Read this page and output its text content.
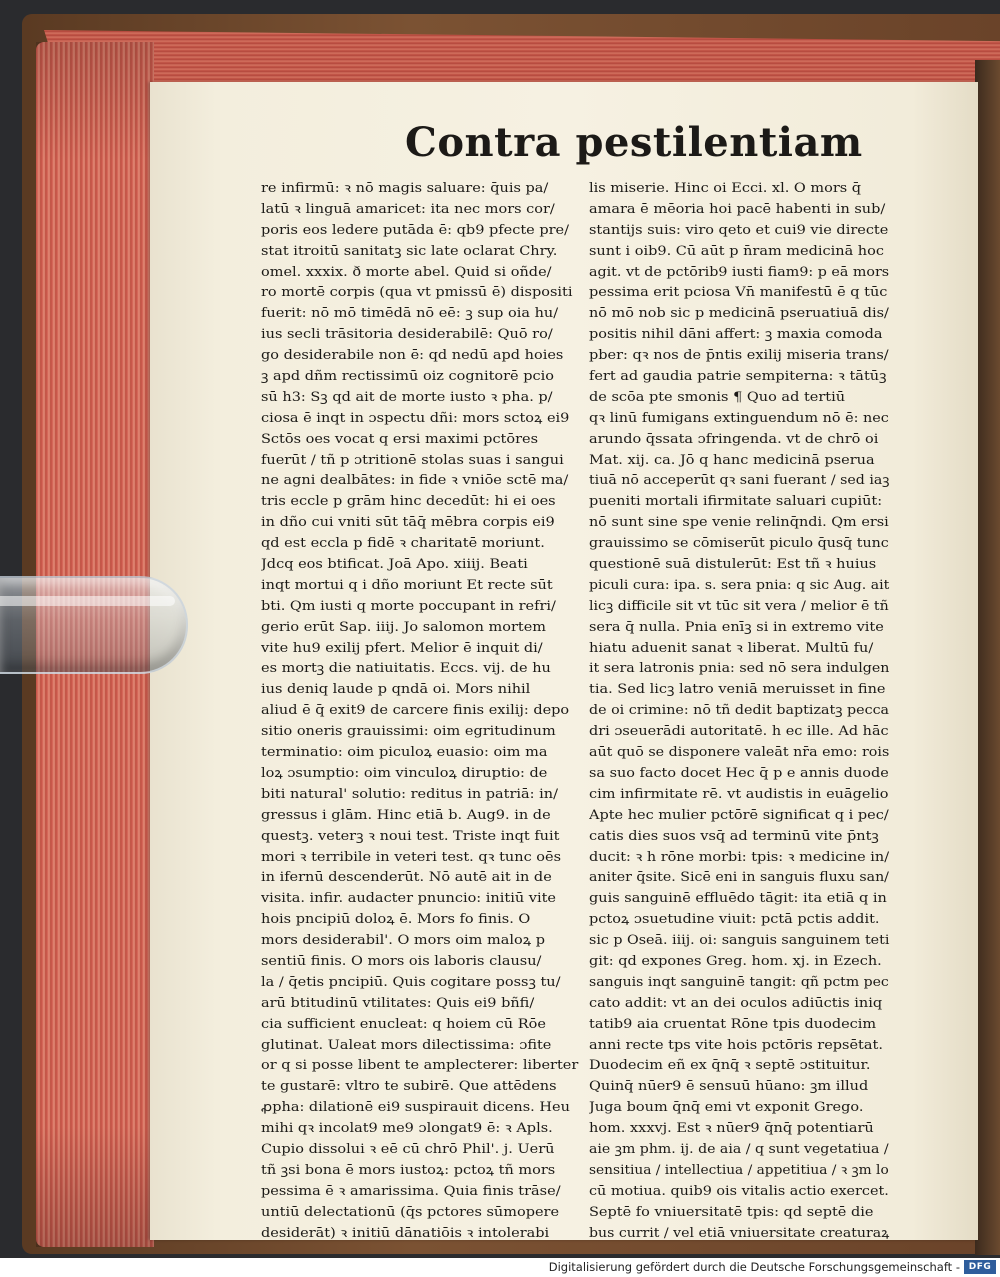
Contra pestilentiam
re infirmū: ꝛ nō magis saluare: q̄uis pa/
latū ꝛ linguā amaricet: ita nec mors cor/
poris eos ledere putāda ē: qb9 pfecte pre/
stat itroitū sanitatꝫ sic late oclarat Chry.
omel. xxxix. ð morte abel. Quid si oñde/
ro mortē corpis (qua vt pmissū ē) dispositi
fuerit: nō mō timēdā nō eē: ꝫ sup oia hu/
ius secli trāsitoria desiderabilē: Quō ro/
go desiderabile non ē: qd nedū apd hoies
ꝫ apd dñm rectissimū oiz cognitorē pcio
sū h3: Sꝫ qd ait de morte iusto ꝛ pha. p/
ciosa ē inqt in ɔspectu dñi: mors sctoꝝ ei9
Sctōs oes vocat q ersi maximi pctōres
fuerūt / tñ p ɔtritionē stolas suas i sangui
ne agni dealbātes: in fide ꝛ vniōe sctē ma/
tris eccle p grām hinc decedūt: hi ei oes
in dño cui vniti sūt tāq̄ mēbra corpis ei9
qd est eccla p fidē ꝛ charitatē moriunt.
Jdcq eos btificat. Joā Apo. xiiij. Beati
inqt mortui q i dño moriunt Et recte sūt
bti. Qm iusti q morte poccupant in refri/
gerio erūt Sap. iiij. Jo salomon mortem
vite hu9 exilij pfert. Melior ē inquit di/
es mortꝫ die natiuitatis. Eccs. vij. de hu
ius deniq laude p qndā oi. Mors nihil
aliud ē q̄ exit9 de carcere finis exilij: depo
sitio oneris grauissimi: oim egritudinum
terminatio: oim piculoꝝ euasio: oim ma
loꝝ ɔsumptio: oim vinculoꝝ diruptio: de
biti natural' solutio: reditus in patriā: in/
gressus i glām. Hinc etiā b. Aug9. in de
questꝫ. veterꝫ ꝛ noui test. Triste inqt fuit
mori ꝛ terribile in veteri test. qꝛ tunc oēs
in ifernū descenderūt. Nō autē ait in de
visita. infir. audacter pnuncio: initiū vite
hois pncipiū doloꝝ ē. Mors fo finis. O
mors desiderabil'. O mors oim maloꝝ p
sentiū finis. O mors ois laboris clausu/
la / q̄etis pncipiū. Quis cogitare possꝫ tu/
arū btitudinū vtilitates: Quis ei9 bñfi/
cia sufficient enucleat: q hoiem cū Rōe
glutinat. Ualeat mors dilectissima: ɔfite
or q si posse libent te amplecterer: liberter
te gustarē: vltro te subirē. Que attēdens
ꝓpha: dilationē ei9 suspirauit dicens. Heu
mihi qꝛ incolat9 me9 ɔlongat9 ē: ꝛ Apls.
Cupio dissolui ꝛ eē cū chrō Phil'. j. Uerū
tñ ꝫsi bona ē mors iustoꝝ: pctoꝝ tñ mors
pessima ē ꝛ amarissima. Quia finis trāse/
untiū delectationū (q̄s pctores sūmopere
desiderāt) ꝛ initiū dānatiōis ꝛ intolerabi
lis miserie. Hinc oi Ecci. xl. O mors q̄
amara ē mēoria hoi pacē habenti in sub/
stantijs suis: viro qeto et cui9 vie directe
sunt i oib9. Cū aūt p n̄ram medicinā hoc
agit. vt de pctōrib9 iusti fiam9: p eā mors
pessima erit pciosa Vn̄ manifestū ē q tūc
nō mō nob sic p medicinā pseruatiuā dis/
positis nihil dāni affert: ꝫ maxia comoda
pber: qꝛ nos de p̄ntis exilij miseria trans/
fert ad gaudia patrie sempiterna: ꝛ tātūꝫ
de scōa pte smonis ¶ Quo ad tertiū
qꝛ linū fumigans extinguendum nō ē: nec
arundo q̄ssata ɔfringenda. vt de chrō oi
Mat. xij. ca. Jō q hanc medicinā pserua
tiuā nō acceperūt qꝛ sani fuerant / sed iaꝫ
pueniti mortali ifirmitate saluari cupiūt:
nō sunt sine spe venie relinq̄ndi. Qm ersi
grauissimo se cōmiserūt piculo q̄usq̄ tunc
questionē suā distulerūt: Est tñ ꝛ huius
piculi cura: ipa. s. sera pnia: q sic Aug. ait
licꝫ difficile sit vt tūc sit vera / melior ē tñ
sera q̄ nulla. Pnia enīꝫ si in extremo vite
hiatu aduenit sanat ꝛ liberat. Multū fu/
it sera latronis pnia: sed nō sera indulgen
tia. Sed licꝫ latro veniā meruisset in fine
de oi crimine: nō tñ dedit baptizatꝫ pecca
dri ɔseuerādi autoritatē. h ec ille. Ad hāc
aūt quō se disponere valeāt nr̄a emo: rois
sa suo facto docet Hec q̄ p e annis duode
cim infirmitate rē. vt audistis in euāgelio
Apte hec mulier pctōrē significat q i pec/
catis dies suos vsq̄ ad terminū vite p̄ntꝫ
ducit: ꝛ h rōne morbi: tpis: ꝛ medicine in/
aniter q̄site. Sicē eni in sanguis fluxu san/
guis sanguinē effluēdo tāgit: ita etiā q in
pctoꝝ ɔsuetudine viuit: pctā pctis addit.
sic p Oseā. iiij. oi: sanguis sanguinem teti
git: qd expones Greg. hom. xj. in Ezech.
sanguis inqt sanguinē tangit: qñ pctm pec
cato addit: vt an dei oculos adiūctis iniq
tatib9 aia cruentat Rōne tpis duodecim
anni recte tps vite hois pctōris repsētat.
Duodecim eñ ex q̄nq̄ ꝛ septē ɔstituitur.
Quinq̄ nūer9 ē sensuū hūano: ꝫm illud
Juga boum q̄nq̄ emi vt exponit Grego.
hom. xxxvj. Est ꝛ nūer9 q̄nq̄ potentiarū
aie ꝫm phm. ij. de aia / q sunt vegetatiua /
sensitiua / intellectiua / appetitiua / ꝛ ꝫm lo
cū motiua. quib9 ois vitalis actio exercet.
Septē fo vniuersitatē tpis: qd septē die
bus currit / vel etiā vniuersitate creaturaꝝ
Digitalisierung gefördert durch die Deutsche Forschungsgemeinschaft - DFG
